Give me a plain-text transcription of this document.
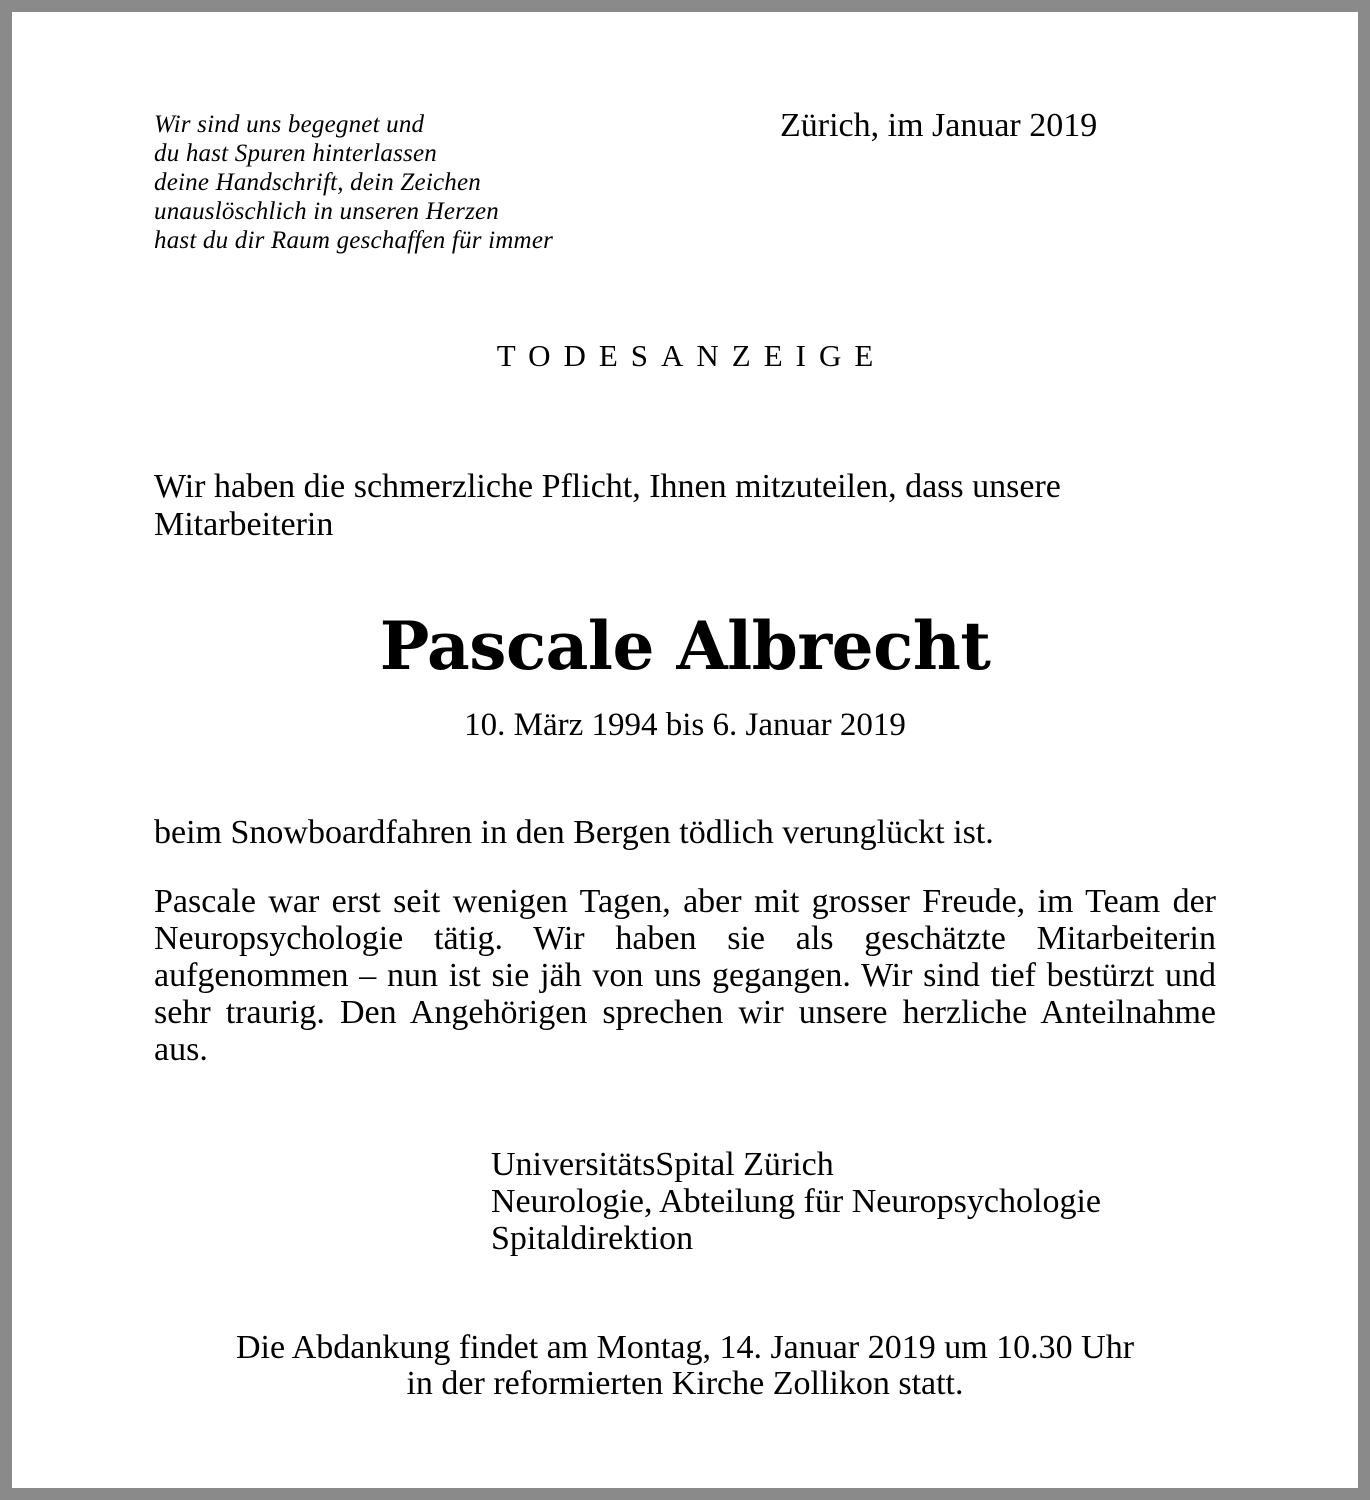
Wir sind uns begegnet und
du hast Spuren hinterlassen
deine Handschrift, dein Zeichen
unauslöschlich in unseren Herzen
hast du dir Raum geschaffen für immer
Zürich, im Januar 2019
TODESANZEIGE
Wir haben die schmerzliche Pflicht, Ihnen mitzuteilen, dass unsere Mitarbeiterin
Pascale Albrecht
10. März 1994 bis 6. Januar 2019
beim Snowboardfahren in den Bergen tödlich verunglückt ist.
Pascale war erst seit wenigen Tagen, aber mit grosser Freude, im Team der Neuropsychologie tätig. Wir haben sie als geschätzte Mitarbeiterin aufgenommen – nun ist sie jäh von uns gegangen. Wir sind tief bestürzt und sehr traurig. Den Angehörigen sprechen wir unsere herzliche Anteilnahme aus.
UniversitätsSpital Zürich
Neurologie, Abteilung für Neuropsychologie
Spitaldirektion
Die Abdankung findet am Montag, 14. Januar 2019 um 10.30 Uhr
in der reformierten Kirche Zollikon statt.
